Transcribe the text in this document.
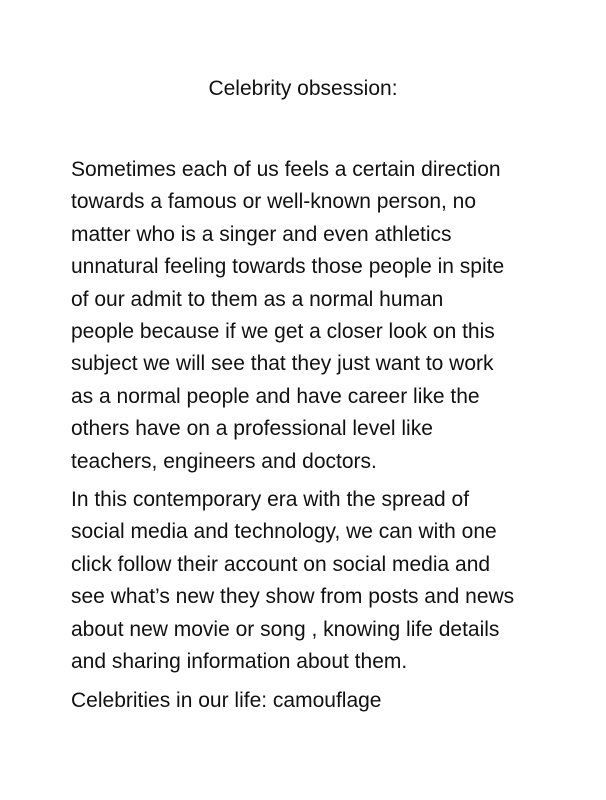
Celebrity obsession:

Sometimes each of us feels a certain direction
towards a famous or well-known person, no
matter who is a singer and even athletics
unnatural feeling towards those people in spite
of our admit to them as a normal human
people because if we get a closer look on this
subject we will see that they just want to work
as a normal people and have career like the
others have on a professional level like
teachers, engineers and doctors.

In this contemporary era with the spread of
social media and technology, we can with one
click follow their account on social media and
see what’s new they show from posts and news
about new movie or song , knowing life details
and sharing information about them.

Celebrities in our life: camouflage
